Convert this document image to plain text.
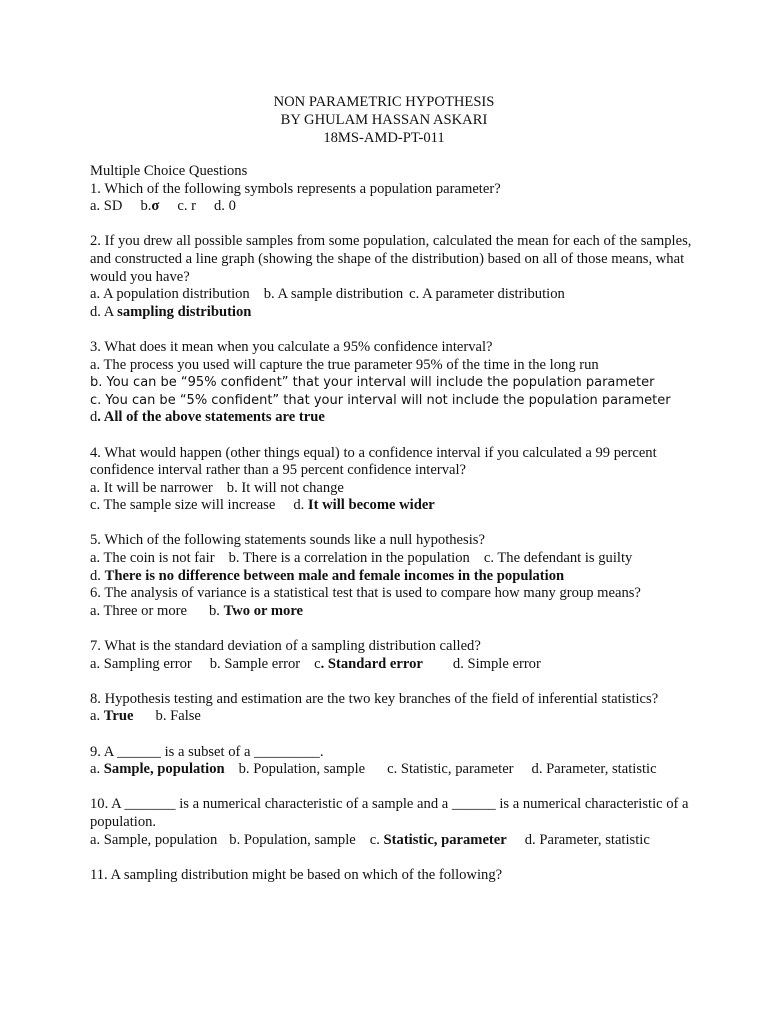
NON PARAMETRIC HYPOTHESIS
BY GHULAM HASSAN ASKARI
18MS-AMD-PT-011
Multiple Choice Questions
1. Which of the following symbols represents a population parameter?
a. SD b.σ c. r d. 0
2. If you drew all possible samples from some population, calculated the mean for each of the samples, and constructed a line graph (showing the shape of the distribution) based on all of those means, what would you have?
a. A population distribution b. A sample distribution c. A parameter distribution
d. A sampling distribution
3. What does it mean when you calculate a 95% confidence interval?
a. The process you used will capture the true parameter 95% of the time in the long run
b. You can be “95% confident” that your interval will include the population parameter
c. You can be “5% confident” that your interval will not include the population parameter
d. All of the above statements are true
4. What would happen (other things equal) to a confidence interval if you calculated a 99 percent confidence interval rather than a 95 percent confidence interval?
a. It will be narrower b. It will not change
c. The sample size will increase d. It will become wider
5. Which of the following statements sounds like a null hypothesis?
a. The coin is not fair b. There is a correlation in the population c. The defendant is guilty
d. There is no difference between male and female incomes in the population
6. The analysis of variance is a statistical test that is used to compare how many group means?
a. Three or more b. Two or more
7. What is the standard deviation of a sampling distribution called?
a. Sampling error b. Sample error c. Standard error d. Simple error
8. Hypothesis testing and estimation are the two key branches of the field of inferential statistics?
a. True b. False
9. A ______ is a subset of a _________.
a. Sample, population b. Population, sample c. Statistic, parameter d. Parameter, statistic
10. A _______ is a numerical characteristic of a sample and a ______ is a numerical characteristic of a population.
a. Sample, population b. Population, sample c. Statistic, parameter d. Parameter, statistic
11. A sampling distribution might be based on which of the following?
